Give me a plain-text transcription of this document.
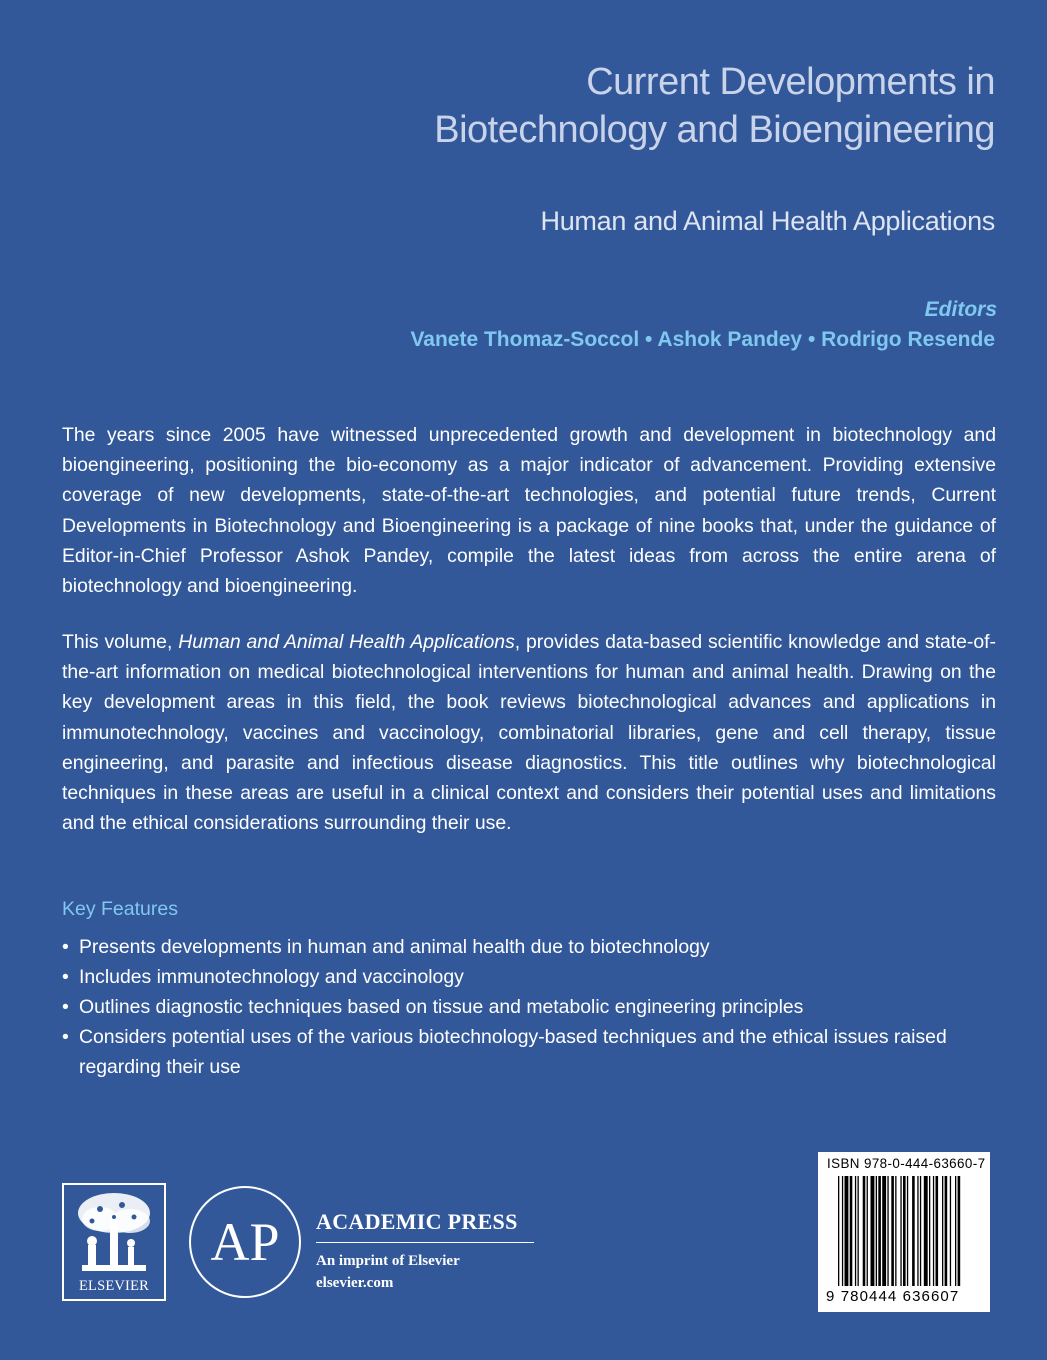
Current Developments in
Biotechnology and Bioengineering
Human and Animal Health Applications
Editors
Vanete Thomaz-Soccol • Ashok Pandey • Rodrigo Resende

The years since 2005 have witnessed unprecedented growth and development in biotechnology and bioengineering, positioning the bio-economy as a major indicator of advancement. Providing extensive coverage of new developments, state-of-the-art technologies, and potential future trends, Current Developments in Biotechnology and Bioengineering is a package of nine books that, under the guidance of Editor-in-Chief Professor Ashok Pandey, compile the latest ideas from across the entire arena of biotechnology and bioengineering.

This volume, Human and Animal Health Applications, provides data-based scientific knowledge and state-of-the-art information on medical biotechnological interventions for human and animal health. Drawing on the key development areas in this field, the book reviews biotechnological advances and applications in immunotechnology, vaccines and vaccinology, combinatorial libraries, gene and cell therapy, tissue engineering, and parasite and infectious disease diagnostics. This title outlines why biotechnological techniques in these areas are useful in a clinical context and considers their potential uses and limitations and the ethical considerations surrounding their use.

Key Features
• Presents developments in human and animal health due to biotechnology
• Includes immunotechnology and vaccinology
• Outlines diagnostic techniques based on tissue and metabolic engineering principles
• Considers potential uses of the various biotechnology-based techniques and the ethical issues raised regarding their use
ELSEVIER
AP ACADEMIC PRESS
An imprint of Elsevier
elsevier.com
ISBN 978-0-444-63660-7
9 780444 636607
